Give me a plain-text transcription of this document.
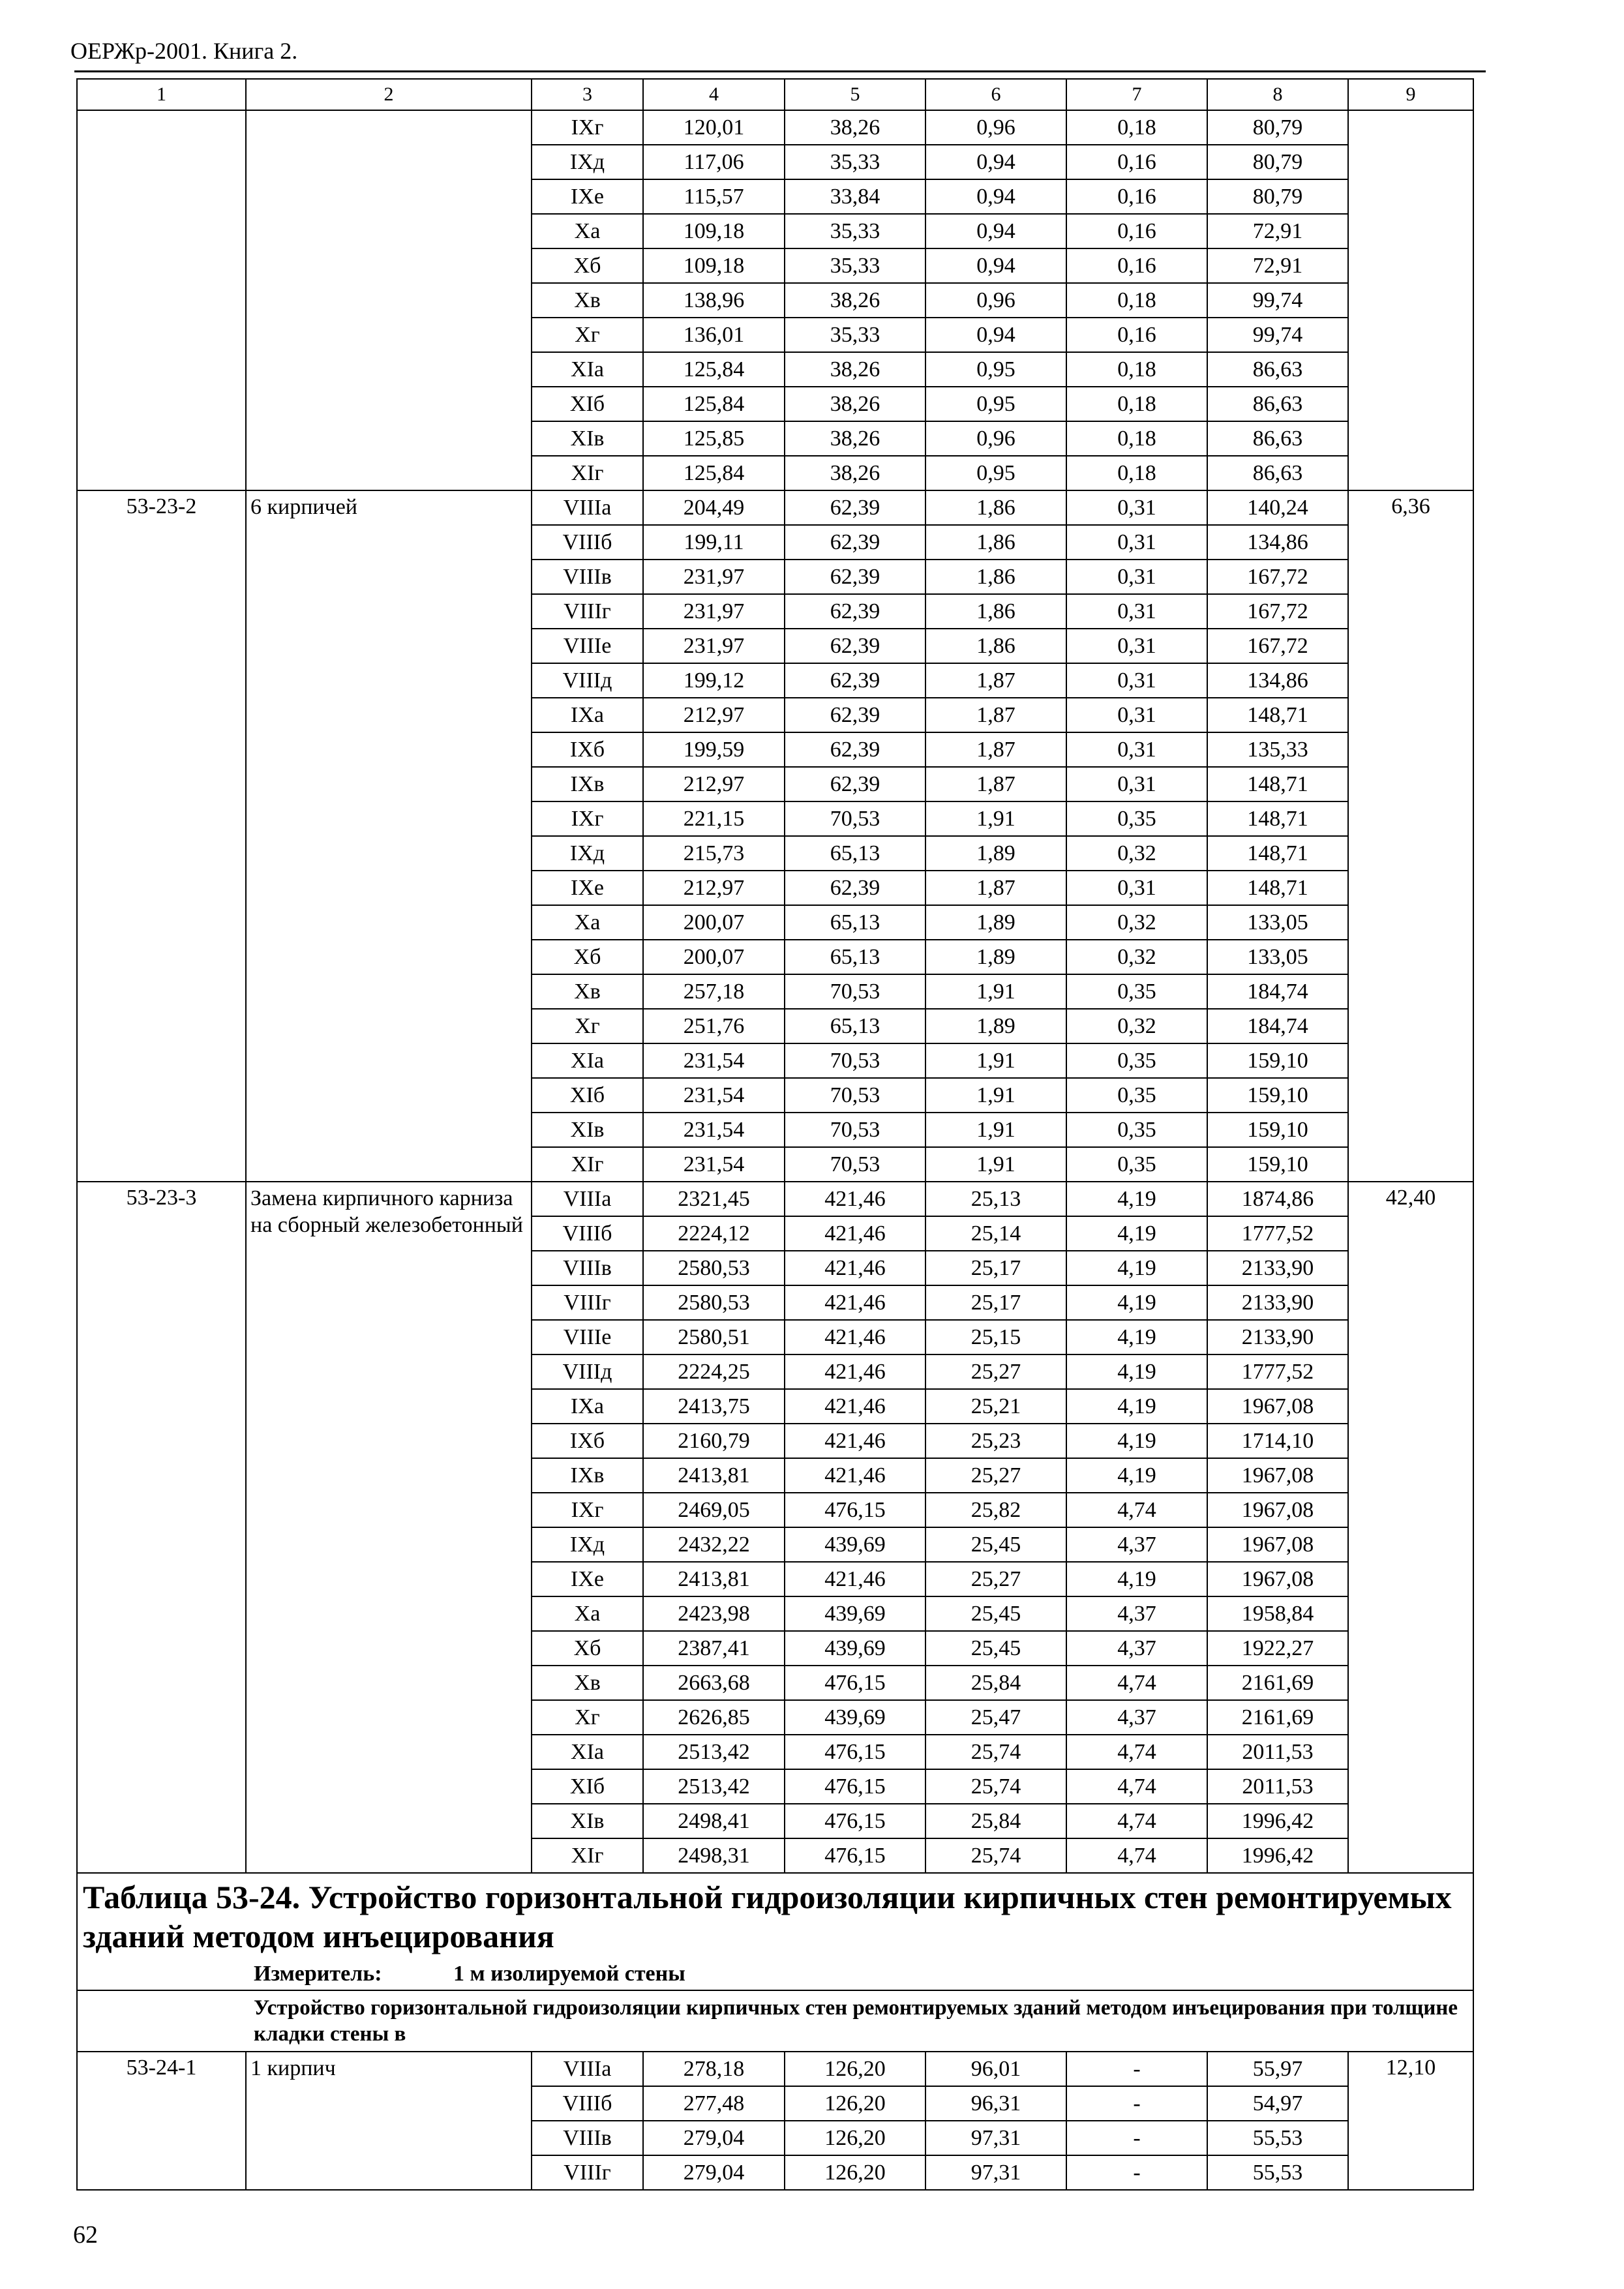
ОЕРЖр-2001. Книга 2.
1	2	3	4	5	6	7	8	9
		IXг	120,01	38,26	0,96	0,18	80,79	
		IXд	117,06	35,33	0,94	0,16	80,79	
		IXе	115,57	33,84	0,94	0,16	80,79	
		Xа	109,18	35,33	0,94	0,16	72,91	
		Xб	109,18	35,33	0,94	0,16	72,91	
		Xв	138,96	38,26	0,96	0,18	99,74	
		Xг	136,01	35,33	0,94	0,16	99,74	
		XIа	125,84	38,26	0,95	0,18	86,63	
		XIб	125,84	38,26	0,95	0,18	86,63	
		XIв	125,85	38,26	0,96	0,18	86,63	
		XIг	125,84	38,26	0,95	0,18	86,63	
53-23-2	6 кирпичей	VIIIа	204,49	62,39	1,86	0,31	140,24	6,36
		VIIIб	199,11	62,39	1,86	0,31	134,86	
		VIIIв	231,97	62,39	1,86	0,31	167,72	
		VIIIг	231,97	62,39	1,86	0,31	167,72	
		VIIIе	231,97	62,39	1,86	0,31	167,72	
		VIIIд	199,12	62,39	1,87	0,31	134,86	
		IXа	212,97	62,39	1,87	0,31	148,71	
		IXб	199,59	62,39	1,87	0,31	135,33	
		IXв	212,97	62,39	1,87	0,31	148,71	
		IXг	221,15	70,53	1,91	0,35	148,71	
		IXд	215,73	65,13	1,89	0,32	148,71	
		IXе	212,97	62,39	1,87	0,31	148,71	
		Xа	200,07	65,13	1,89	0,32	133,05	
		Xб	200,07	65,13	1,89	0,32	133,05	
		Xв	257,18	70,53	1,91	0,35	184,74	
		Xг	251,76	65,13	1,89	0,32	184,74	
		XIа	231,54	70,53	1,91	0,35	159,10	
		XIб	231,54	70,53	1,91	0,35	159,10	
		XIв	231,54	70,53	1,91	0,35	159,10	
		XIг	231,54	70,53	1,91	0,35	159,10	
53-23-3	Замена кирпичного карниза на сборный железобетонный	VIIIа	2321,45	421,46	25,13	4,19	1874,86	42,40
		VIIIб	2224,12	421,46	25,14	4,19	1777,52	
		VIIIв	2580,53	421,46	25,17	4,19	2133,90	
		VIIIг	2580,53	421,46	25,17	4,19	2133,90	
		VIIIе	2580,51	421,46	25,15	4,19	2133,90	
		VIIIд	2224,25	421,46	25,27	4,19	1777,52	
		IXа	2413,75	421,46	25,21	4,19	1967,08	
		IXб	2160,79	421,46	25,23	4,19	1714,10	
		IXв	2413,81	421,46	25,27	4,19	1967,08	
		IXг	2469,05	476,15	25,82	4,74	1967,08	
		IXд	2432,22	439,69	25,45	4,37	1967,08	
		IXе	2413,81	421,46	25,27	4,19	1967,08	
		Xа	2423,98	439,69	25,45	4,37	1958,84	
		Xб	2387,41	439,69	25,45	4,37	1922,27	
		Xв	2663,68	476,15	25,84	4,74	2161,69	
		Xг	2626,85	439,69	25,47	4,37	2161,69	
		XIа	2513,42	476,15	25,74	4,74	2011,53	
		XIб	2513,42	476,15	25,74	4,74	2011,53	
		XIв	2498,41	476,15	25,84	4,74	1996,42	
		XIг	2498,31	476,15	25,74	4,74	1996,42	

Таблица 53-24. Устройство горизонтальной гидроизоляции кирпичных стен ремонтируемых зданий методом инъецирования
Измеритель: 1 м изолируемой стены								

Устройство горизонтальной гидроизоляции кирпичных стен ремонтируемых зданий методом инъецирования при толщине кладки стены в								
53-24-1	1 кирпич	VIIIа	278,18	126,20	96,01	-	55,97	12,10
		VIIIб	277,48	126,20	96,31	-	54,97	
		VIIIв	279,04	126,20	97,31	-	55,53	
		VIIIг	279,04	126,20	97,31	-	55,53	
62
